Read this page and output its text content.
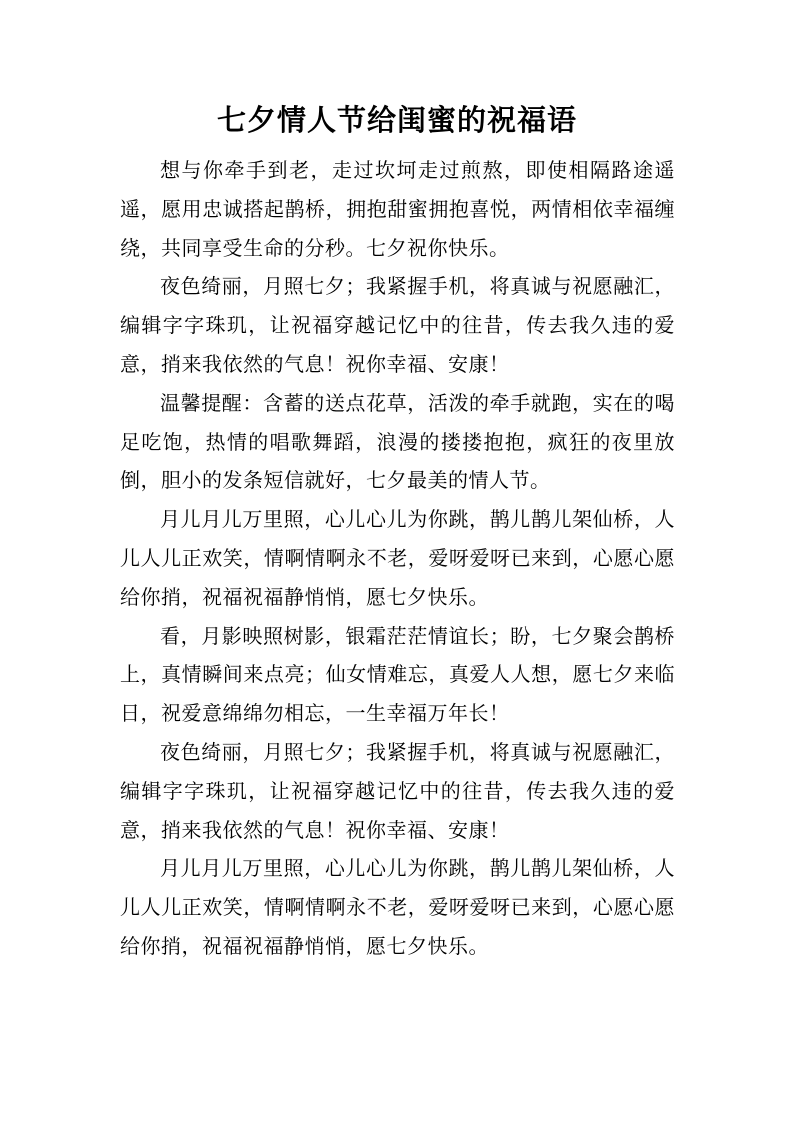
七夕情人节给闺蜜的祝福语

想与你牵手到老，走过坎坷走过煎熬，即使相隔路途遥遥，愿用忠诚搭起鹊桥，拥抱甜蜜拥抱喜悦，两情相依幸福缠绕，共同享受生命的分秒。七夕祝你快乐。

夜色绮丽，月照七夕；我紧握手机，将真诚与祝愿融汇，编辑字字珠玑，让祝福穿越记忆中的往昔，传去我久违的爱意，捎来我依然的气息！祝你幸福、安康！

温馨提醒：含蓄的送点花草，活泼的牵手就跑，实在的喝足吃饱，热情的唱歌舞蹈，浪漫的搂搂抱抱，疯狂的夜里放倒，胆小的发条短信就好，七夕最美的情人节。

月儿月儿万里照，心儿心儿为你跳，鹊儿鹊儿架仙桥，人儿人儿正欢笑，情啊情啊永不老，爱呀爱呀已来到，心愿心愿给你捎，祝福祝福静悄悄，愿七夕快乐。

看，月影映照树影，银霜茫茫情谊长；盼，七夕聚会鹊桥上，真情瞬间来点亮；仙女情难忘，真爱人人想，愿七夕来临日，祝爱意绵绵勿相忘，一生幸福万年长！

夜色绮丽，月照七夕；我紧握手机，将真诚与祝愿融汇，编辑字字珠玑，让祝福穿越记忆中的往昔，传去我久违的爱意，捎来我依然的气息！祝你幸福、安康！

月儿月儿万里照，心儿心儿为你跳，鹊儿鹊儿架仙桥，人儿人儿正欢笑，情啊情啊永不老，爱呀爱呀已来到，心愿心愿给你捎，祝福祝福静悄悄，愿七夕快乐。
